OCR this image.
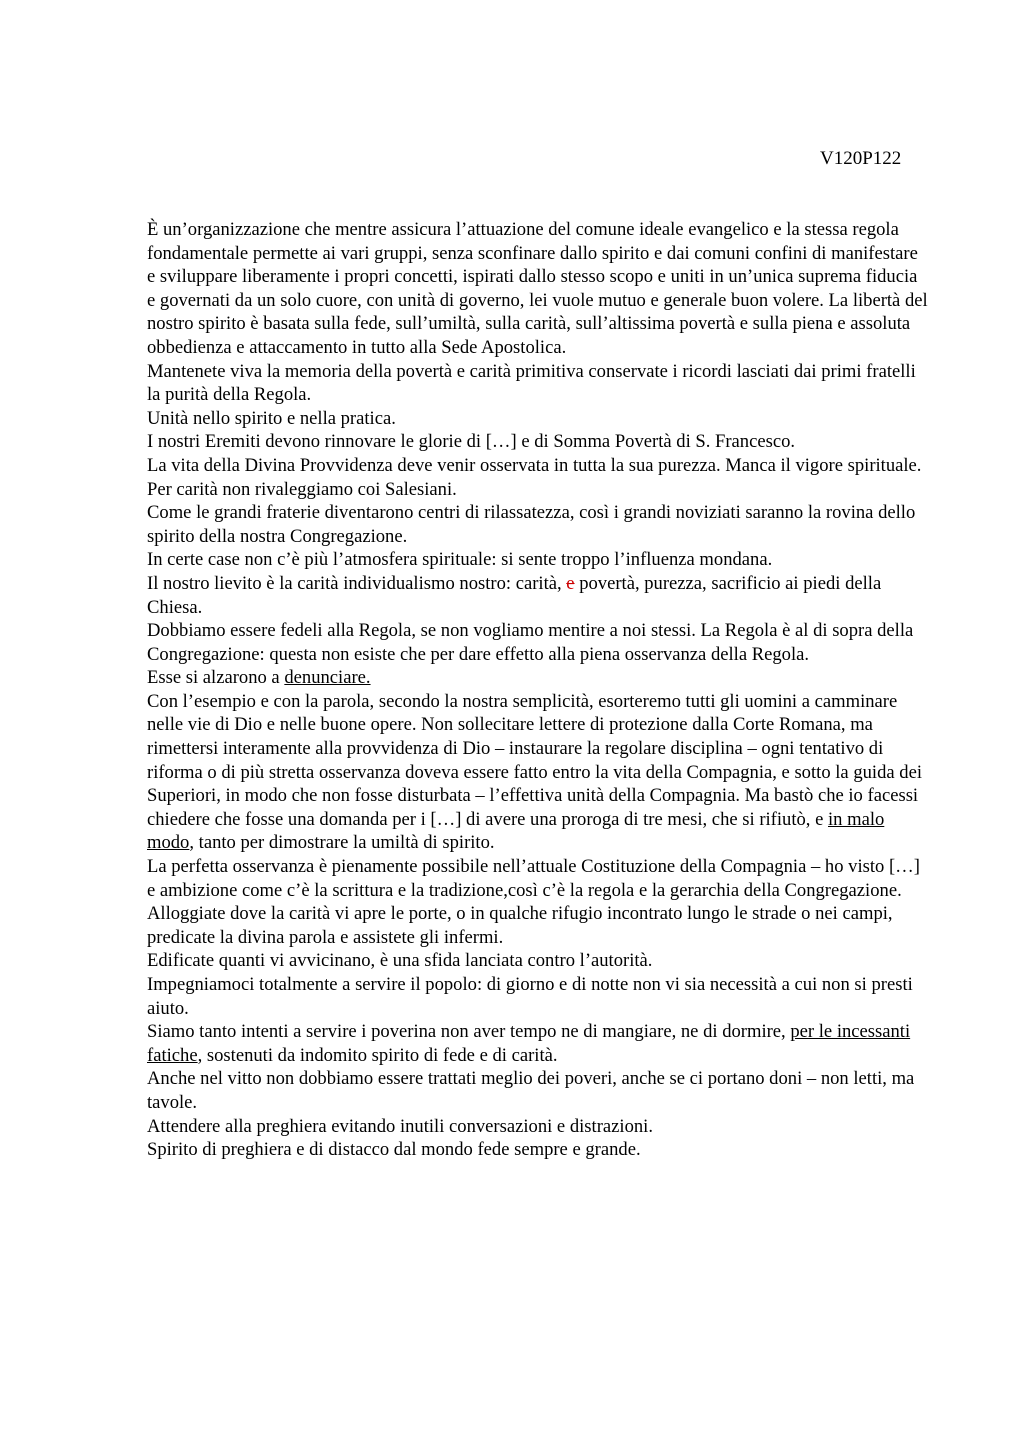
V120P122

È un’organizzazione che mentre assicura l’attuazione del comune ideale evangelico e la stessa regola fondamentale permette ai vari gruppi, senza sconfinare dallo spirito e dai comuni confini di manifestare e sviluppare liberamente i propri concetti, ispirati dallo stesso scopo e uniti in un’unica suprema fiducia e governati da un solo cuore, con unità di governo, lei vuole mutuo e generale buon volere. La libertà del nostro spirito è basata sulla fede, sull’umiltà, sulla carità, sull’altissima povertà e sulla piena e assoluta obbedienza e attaccamento in tutto alla Sede Apostolica.

Mantenete viva la memoria della povertà e carità primitiva conservate i ricordi lasciati dai primi fratelli la purità della Regola.

Unità nello spirito e nella pratica.

I nostri Eremiti devono rinnovare le glorie di […] e di Somma Povertà di S. Francesco.

La vita della Divina Provvidenza deve venir osservata in tutta la sua purezza. Manca il vigore spirituale.

Per carità non rivaleggiamo coi Salesiani.

Come le grandi fraterie diventarono centri di rilassatezza, così i grandi noviziati saranno la rovina dello spirito della nostra Congregazione.

In certe case non c’è più l’atmosfera spirituale: si sente troppo l’influenza mondana.

Il nostro lievito è la carità individualismo nostro: carità, e povertà, purezza, sacrificio ai piedi della Chiesa.

Dobbiamo essere fedeli alla Regola, se non vogliamo mentire a noi stessi. La Regola è al di sopra della Congregazione: questa non esiste che per dare effetto alla piena osservanza della Regola.

Esse si alzarono a denunciare.

Con l’esempio e con la parola, secondo la nostra semplicità, esorteremo tutti gli uomini a camminare nelle vie di Dio e nelle buone opere. Non sollecitare lettere di protezione dalla Corte Romana, ma rimettersi interamente alla provvidenza di Dio – instaurare la regolare disciplina – ogni tentativo di riforma o di più stretta osservanza doveva essere fatto entro la vita della Compagnia, e sotto la guida dei Superiori, in modo che non fosse disturbata – l’effettiva unità della Compagnia. Ma bastò che io facessi chiedere che fosse una domanda per i […] di avere una proroga di tre mesi, che si rifiutò, e in malo modo, tanto per dimostrare la umiltà di spirito.

La perfetta osservanza è pienamente possibile nell’attuale Costituzione della Compagnia – ho visto […] e ambizione come c’è la scrittura e la tradizione,così c’è la regola e la gerarchia della Congregazione.

Alloggiate dove la carità vi apre le porte, o in qualche rifugio incontrato lungo le strade o nei campi, predicate la divina parola e assistete gli infermi.

Edificate quanti vi avvicinano, è una sfida lanciata contro l’autorità.

Impegniamoci totalmente a servire il popolo: di giorno e di notte non vi sia necessità a cui non si presti aiuto.

Siamo tanto intenti a servire i poverina non aver tempo ne di mangiare, ne di dormire, per le incessanti fatiche, sostenuti da indomito spirito di fede e di carità.

Anche nel vitto non dobbiamo essere trattati meglio dei poveri, anche se ci portano doni – non letti, ma tavole.

Attendere alla preghiera evitando inutili conversazioni e distrazioni.

Spirito di preghiera e di distacco dal mondo fede sempre e grande.
